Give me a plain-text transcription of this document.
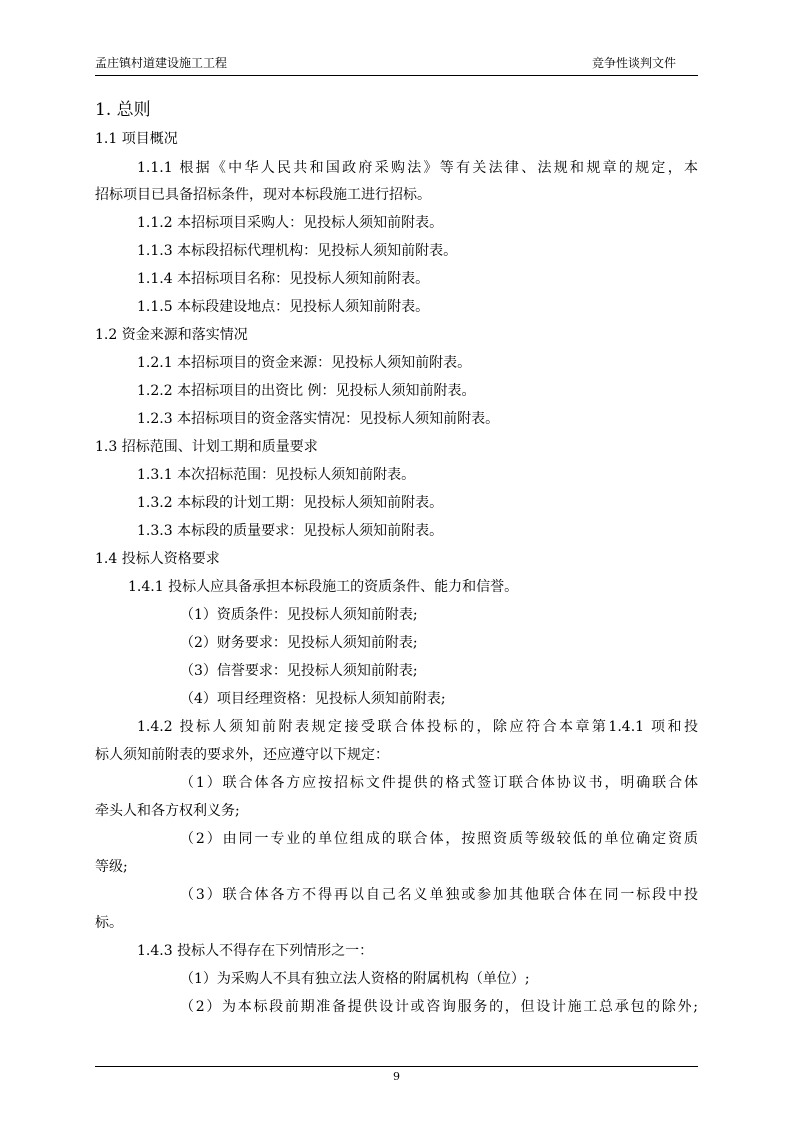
孟庄镇村道建设施工工程	竞争性谈判文件
1. 总则
1.1 项目概况
1.1.1 根据《中华人民共和国政府采购法》等有关法律、法规和规章的规定，本
招标项目已具备招标条件，现对本标段施工进行招标。
1.1.2 本招标项目采购人：见投标人须知前附表。
1.1.3 本标段招标代理机构：见投标人须知前附表。
1.1.4 本招标项目名称：见投标人须知前附表。
1.1.5 本标段建设地点：见投标人须知前附表。
1.2 资金来源和落实情况
1.2.1 本招标项目的资金来源：见投标人须知前附表。
1.2.2 本招标项目的出资比 例：见投标人须知前附表。
1.2.3 本招标项目的资金落实情况：见投标人须知前附表。
1.3 招标范围、计划工期和质量要求
1.3.1 本次招标范围：见投标人须知前附表。
1.3.2 本标段的计划工期：见投标人须知前附表。
1.3.3 本标段的质量要求：见投标人须知前附表。
1.4 投标人资格要求
1.4.1 投标人应具备承担本标段施工的资质条件、能力和信誉。
（1）资质条件：见投标人须知前附表;
（2）财务要求：见投标人须知前附表;
（3）信誉要求：见投标人须知前附表;
（4）项目经理资格：见投标人须知前附表;
1.4.2 投标人须知前附表规定接受联合体投标的，除应符合本章第1.4.1 项和投
标人须知前附表的要求外，还应遵守以下规定：
（1）联合体各方应按招标文件提供的格式签订联合体协议书，明确联合体
牵头人和各方权利义务;
（2）由同一专业的单位组成的联合体，按照资质等级较低的单位确定资质
等级;
（3）联合体各方不得再以自己名义单独或参加其他联合体在同一标段中投
标。
1.4.3 投标人不得存在下列情形之一：
（1）为采购人不具有独立法人资格的附属机构（单位）;
（2）为本标段前期准备提供设计或咨询服务的，但设计施工总承包的除外;
9
